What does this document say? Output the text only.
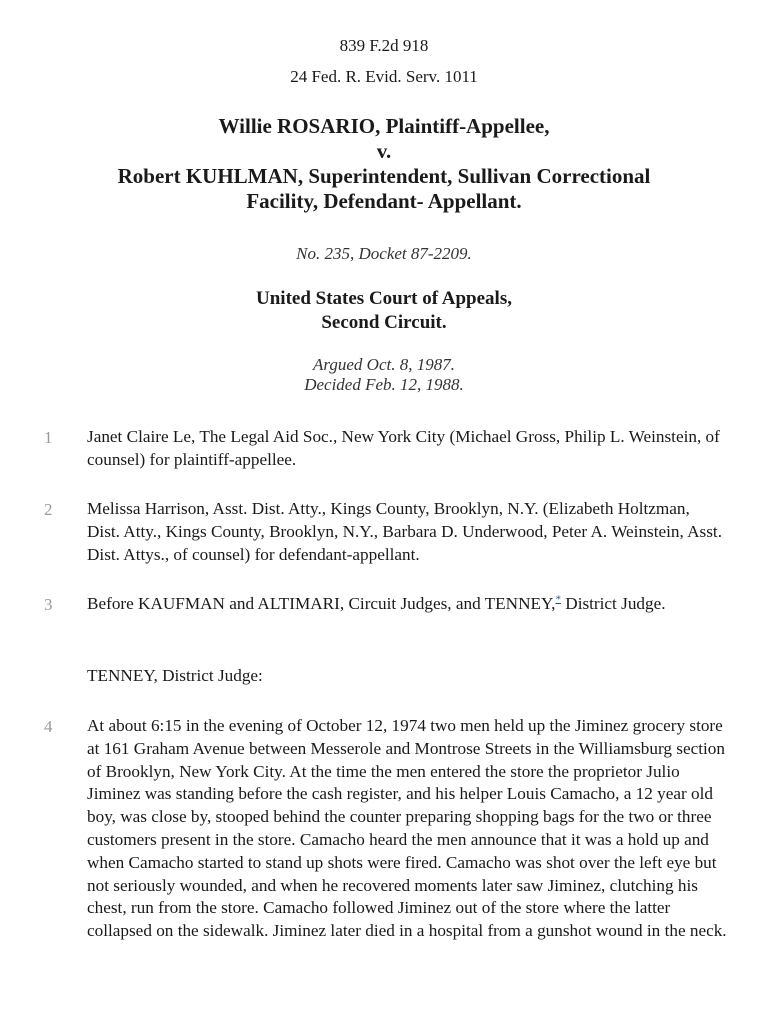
839 F.2d 918
24 Fed. R. Evid. Serv. 1011
Willie ROSARIO, Plaintiff-Appellee,
v.
Robert KUHLMAN, Superintendent, Sullivan Correctional
Facility, Defendant- Appellant.
No. 235, Docket 87-2209.
United States Court of Appeals,
Second Circuit.
Argued Oct. 8, 1987.
Decided Feb. 12, 1988.
1	Janet Claire Le, The Legal Aid Soc., New York City (Michael Gross, Philip L. Weinstein, of counsel) for plaintiff-appellee.
2	Melissa Harrison, Asst. Dist. Atty., Kings County, Brooklyn, N.Y. (Elizabeth Holtzman, Dist. Atty., Kings County, Brooklyn, N.Y., Barbara D. Underwood, Peter A. Weinstein, Asst. Dist. Attys., of counsel) for defendant-appellant.
3	Before KAUFMAN and ALTIMARI, Circuit Judges, and TENNEY,* District Judge.
TENNEY, District Judge:
4	At about 6:15 in the evening of October 12, 1974 two men held up the Jiminez grocery store at 161 Graham Avenue between Messerole and Montrose Streets in the Williamsburg section of Brooklyn, New York City. At the time the men entered the store the proprietor Julio Jiminez was standing before the cash register, and his helper Louis Camacho, a 12 year old boy, was close by, stooped behind the counter preparing shopping bags for the two or three customers present in the store. Camacho heard the men announce that it was a hold up and when Camacho started to stand up shots were fired. Camacho was shot over the left eye but not seriously wounded, and when he recovered moments later saw Jiminez, clutching his chest, run from the store. Camacho followed Jiminez out of the store where the latter collapsed on the sidewalk. Jiminez later died in a hospital from a gunshot wound in the neck.
